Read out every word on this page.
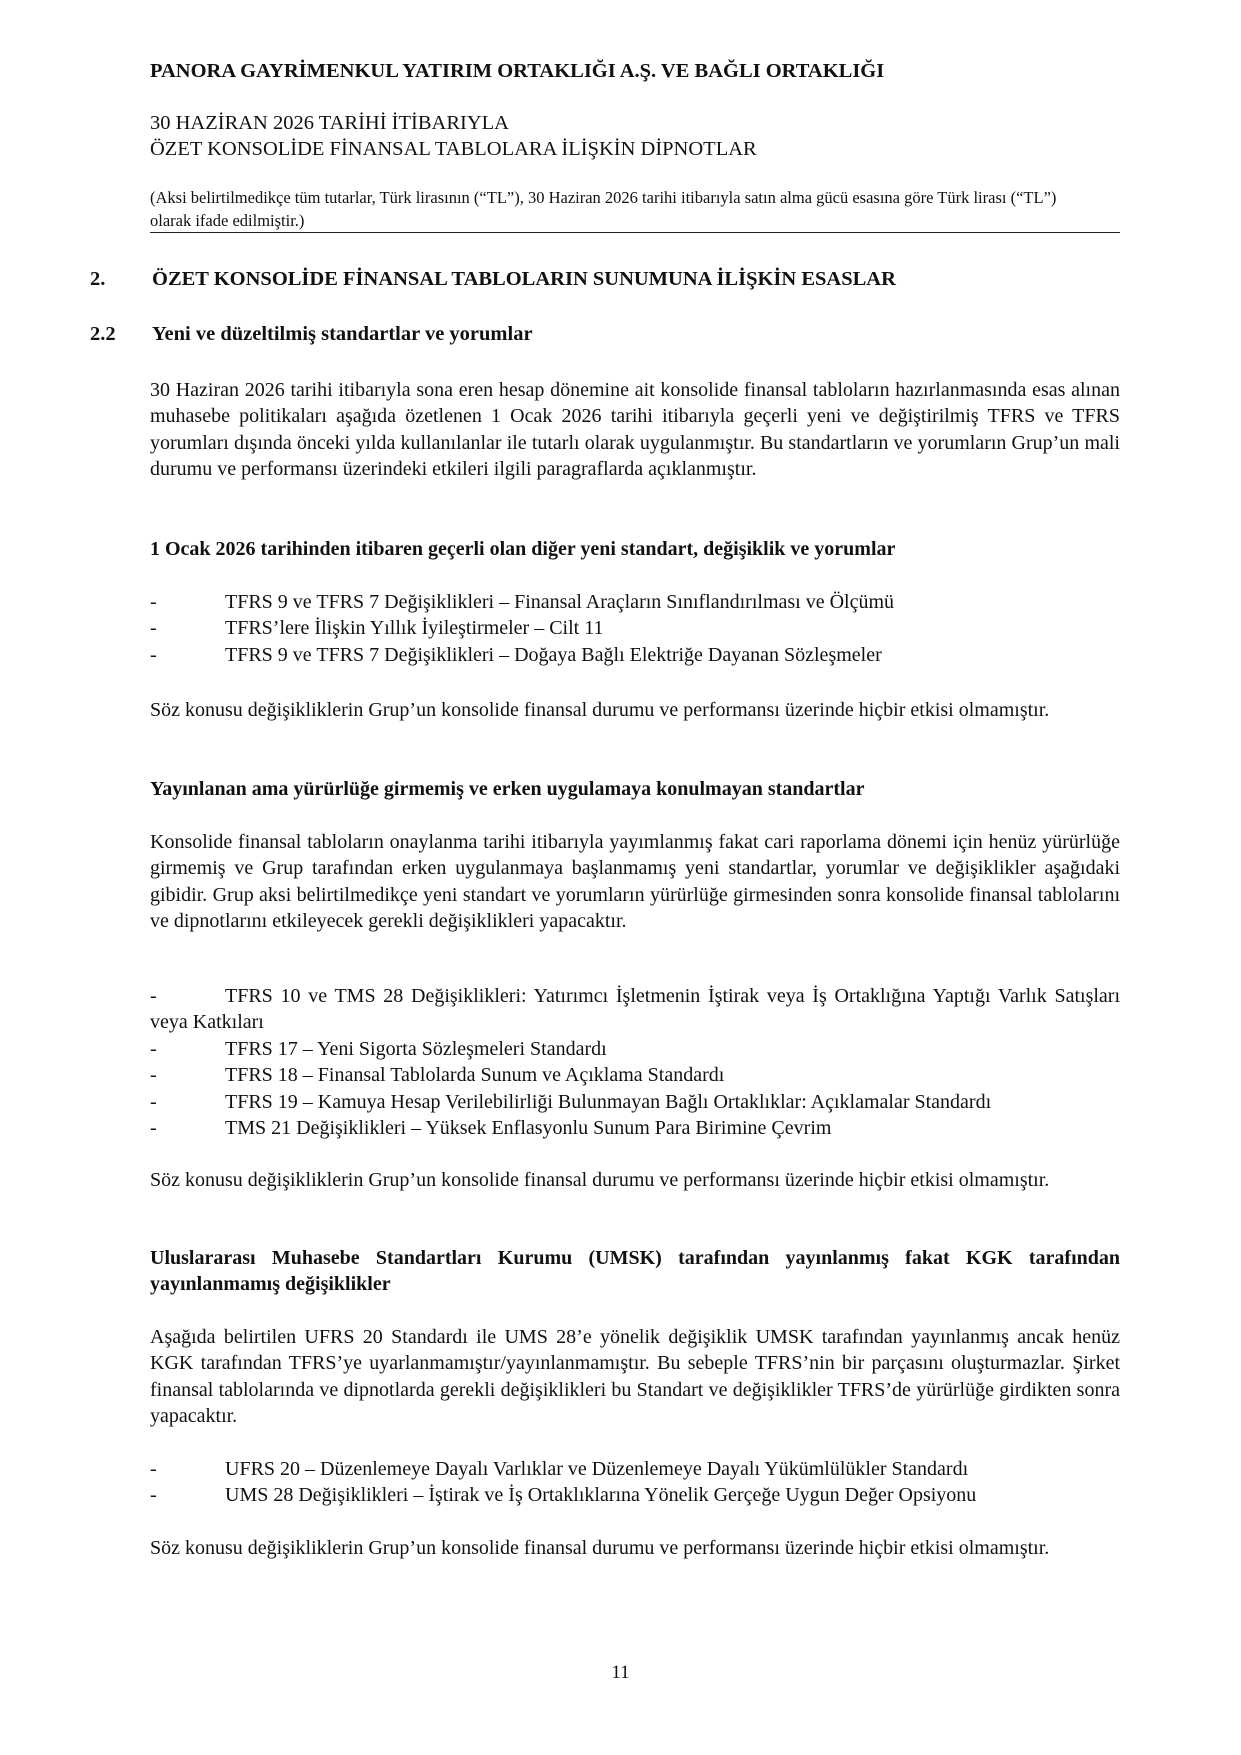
PANORA GAYRİMENKUL YATIRIM ORTAKLIĞI A.Ş. VE BAĞLI ORTAKLIĞI
30 HAZİRAN 2026 TARİHİ İTİBARIYLA
ÖZET KONSOLİDE FİNANSAL TABLOLARA İLİŞKİN DİPNOTLAR
(Aksi belirtilmedikçe tüm tutarlar, Türk lirasının (“TL”), 30 Haziran 2026 tarihi itibarıyla satın alma gücü esasına göre Türk lirası (“TL”) olarak ifade edilmiştir.)
2. ÖZET KONSOLİDE FİNANSAL TABLOLARIN SUNUMUNA İLİŞKİN ESASLAR
2.2 Yeni ve düzeltilmiş standartlar ve yorumlar
30 Haziran 2026 tarihi itibarıyla sona eren hesap dönemine ait konsolide finansal tabloların hazırlanmasında esas alınan muhasebe politikaları aşağıda özetlenen 1 Ocak 2026 tarihi itibarıyla geçerli yeni ve değiştirilmiş TFRS ve TFRS yorumları dışında önceki yılda kullanılanlar ile tutarlı olarak uygulanmıştır. Bu standartların ve yorumların Grup’un mali durumu ve performansı üzerindeki etkileri ilgili paragraflarda açıklanmıştır.
1 Ocak 2026 tarihinden itibaren geçerli olan diğer yeni standart, değişiklik ve yorumlar
-	TFRS 9 ve TFRS 7 Değişiklikleri – Finansal Araçların Sınıflandırılması ve Ölçümü
-	TFRS’lere İlişkin Yıllık İyileştirmeler – Cilt 11
-	TFRS 9 ve TFRS 7 Değişiklikleri – Doğaya Bağlı Elektriğe Dayanan Sözleşmeler
Söz konusu değişikliklerin Grup’un konsolide finansal durumu ve performansı üzerinde hiçbir etkisi olmamıştır.
Yayınlanan ama yürürlüğe girmemiş ve erken uygulamaya konulmayan standartlar
Konsolide finansal tabloların onaylanma tarihi itibarıyla yayımlanmış fakat cari raporlama dönemi için henüz yürürlüğe girmemiş ve Grup tarafından erken uygulanmaya başlanmamış yeni standartlar, yorumlar ve değişiklikler aşağıdaki gibidir. Grup aksi belirtilmedikçe yeni standart ve yorumların yürürlüğe girmesinden sonra konsolide finansal tablolarını ve dipnotlarını etkileyecek gerekli değişiklikleri yapacaktır.
-	TFRS 10 ve TMS 28 Değişiklikleri: Yatırımcı İşletmenin İştirak veya İş Ortaklığına Yaptığı Varlık Satışları veya Katkıları
-	TFRS 17 – Yeni Sigorta Sözleşmeleri Standardı
-	TFRS 18 – Finansal Tablolarda Sunum ve Açıklama Standardı
-	TFRS 19 – Kamuya Hesap Verilebilirliği Bulunmayan Bağlı Ortaklıklar: Açıklamalar Standardı
-	TMS 21 Değişiklikleri – Yüksek Enflasyonlu Sunum Para Birimine Çevrim
Söz konusu değişikliklerin Grup’un konsolide finansal durumu ve performansı üzerinde hiçbir etkisi olmamıştır.
Uluslararası Muhasebe Standartları Kurumu (UMSK) tarafından yayınlanmış fakat KGK tarafından yayınlanmamış değişiklikler
Aşağıda belirtilen UFRS 20 Standardı ile UMS 28’e yönelik değişiklik UMSK tarafından yayınlanmış ancak henüz KGK tarafından TFRS’ye uyarlanmamıştır/yayınlanmamıştır. Bu sebeple TFRS’nin bir parçasını oluşturmazlar. Şirket finansal tablolarında ve dipnotlarda gerekli değişiklikleri bu Standart ve değişiklikler TFRS’de yürürlüğe girdikten sonra yapacaktır.
-	UFRS 20 – Düzenlemeye Dayalı Varlıklar ve Düzenlemeye Dayalı Yükümlülükler Standardı
-	UMS 28 Değişiklikleri – İştirak ve İş Ortaklıklarına Yönelik Gerçeğe Uygun Değer Opsiyonu
Söz konusu değişikliklerin Grup’un konsolide finansal durumu ve performansı üzerinde hiçbir etkisi olmamıştır.
11
